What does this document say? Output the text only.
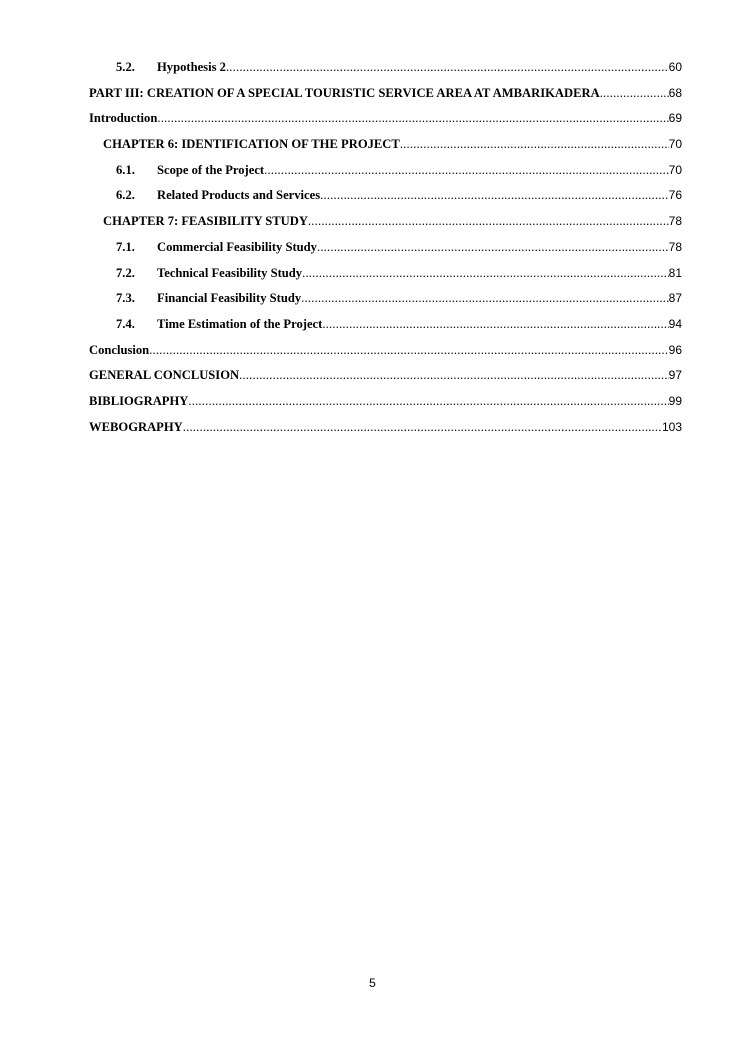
5.2.	Hypothesis 2 .....	60
PART III: CREATION OF A SPECIAL TOURISTIC SERVICE AREA AT AMBARIKADERA .....	68
Introduction .....	69
CHAPTER 6: IDENTIFICATION OF THE PROJECT .....	70
6.1.	Scope of the Project .....	70
6.2.	Related Products and Services .....	76
CHAPTER 7: FEASIBILITY STUDY .....	78
7.1.	Commercial Feasibility Study .....	78
7.2.	Technical Feasibility Study .....	81
7.3.	Financial Feasibility Study .....	87
7.4.	Time Estimation of the Project .....	94
Conclusion .....	96
GENERAL CONCLUSION .....	97
BIBLIOGRAPHY .....	99
WEBOGRAPHY .....	103
5
